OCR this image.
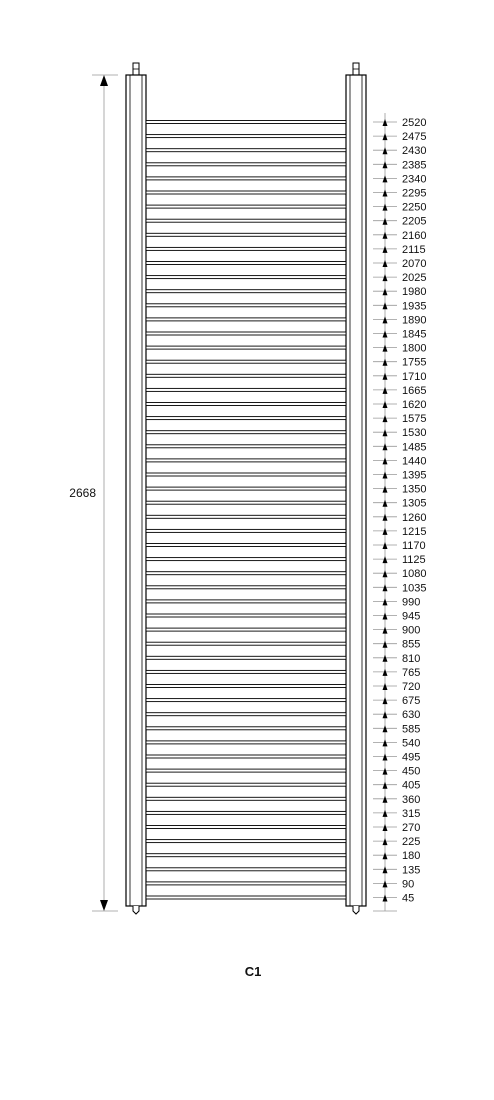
2668
2520
2475
2430
2385
2340
2295
2250
2205
2160
2115
2070
2025
1980
1935
1890
1845
1800
1755
1710
1665
1620
1575
1530
1485
1440
1395
1350
1305
1260
1215
1170
1125
1080
1035
990
945
900
855
810
765
720
675
630
585
540
495
450
405
360
315
270
225
180
135
90
45
C1
